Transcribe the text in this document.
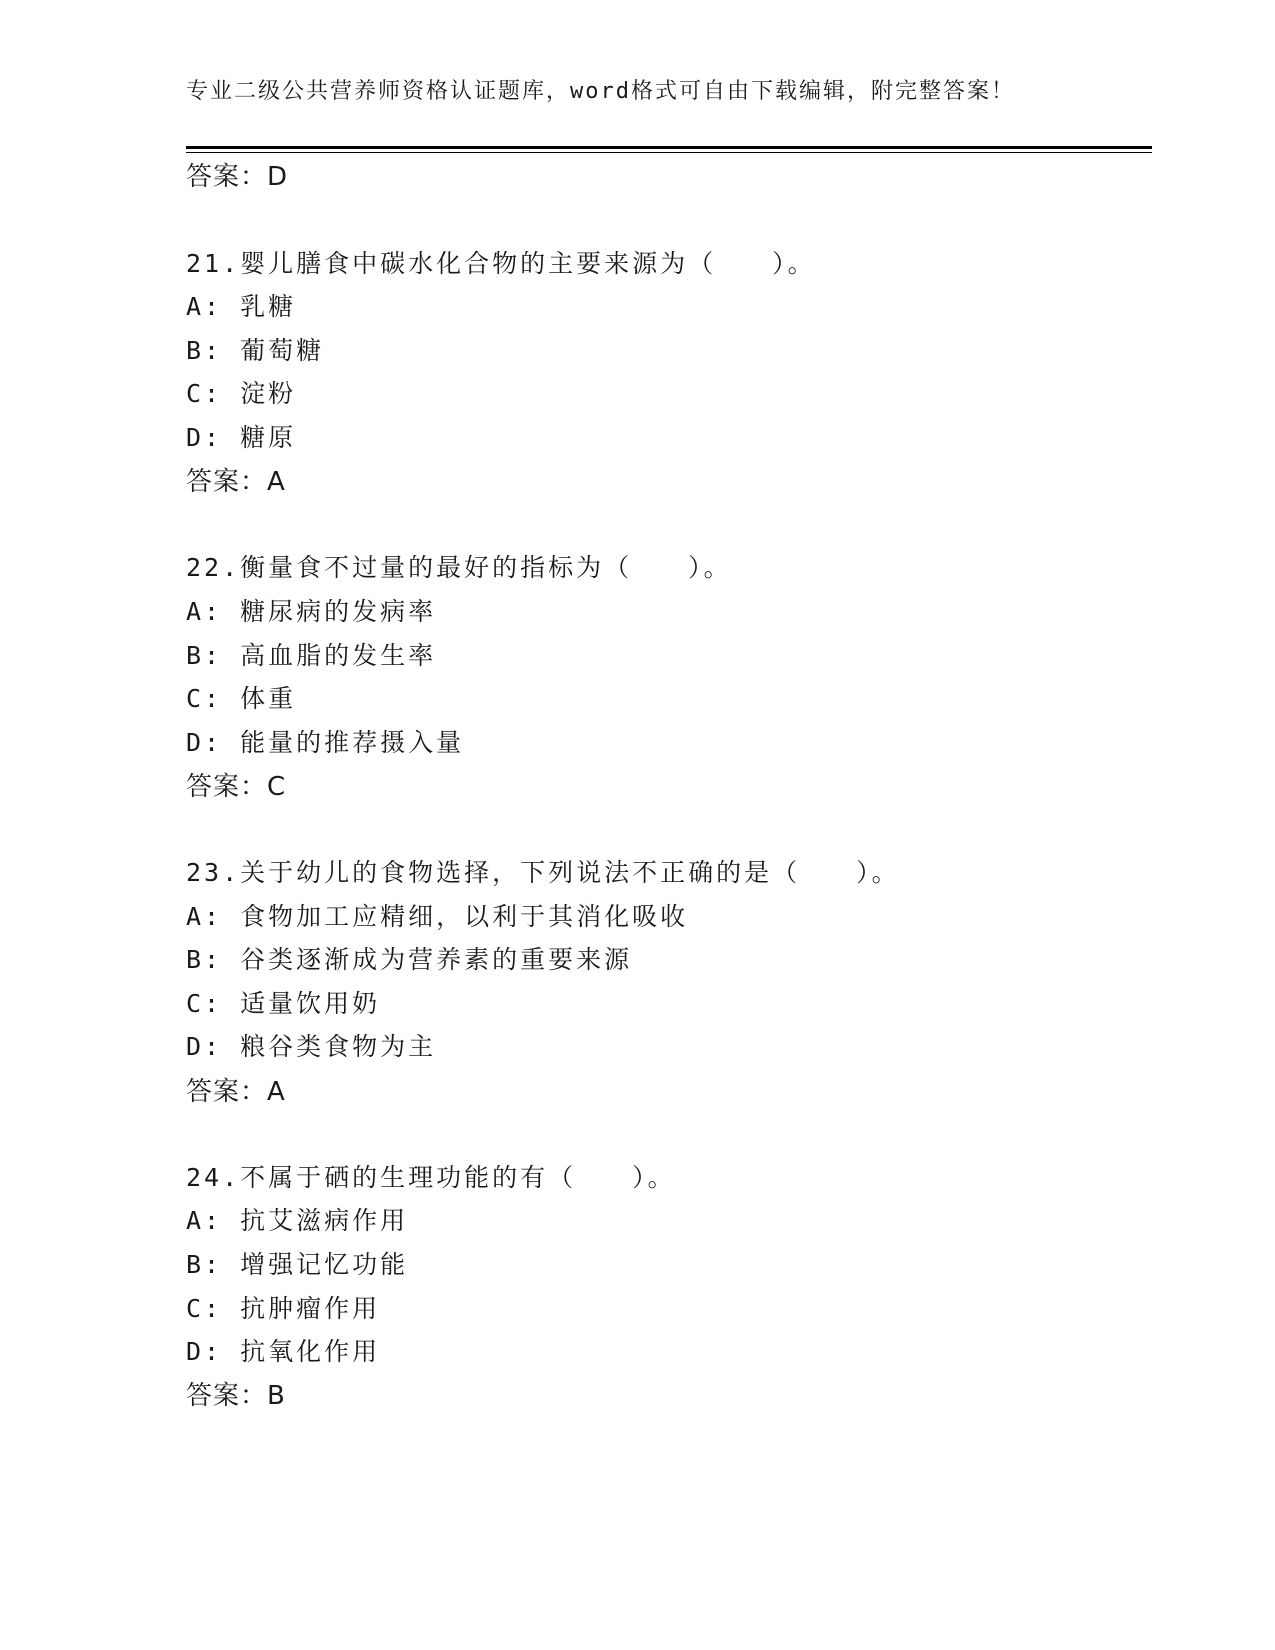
专业二级公共营养师资格认证题库，word格式可自由下载编辑，附完整答案！
答案：D
21.婴儿膳食中碳水化合物的主要来源为（　　）。
A: 乳糖
B: 葡萄糖
C: 淀粉
D: 糖原
答案：A
22.衡量食不过量的最好的指标为（　　）。
A: 糖尿病的发病率
B: 高血脂的发生率
C: 体重
D: 能量的推荐摄入量
答案：C
23.关于幼儿的食物选择，下列说法不正确的是（　　）。
A: 食物加工应精细，以利于其消化吸收
B: 谷类逐渐成为营养素的重要来源
C: 适量饮用奶
D: 粮谷类食物为主
答案：A
24.不属于硒的生理功能的有（　　）。
A: 抗艾滋病作用
B: 增强记忆功能
C: 抗肿瘤作用
D: 抗氧化作用
答案：B
